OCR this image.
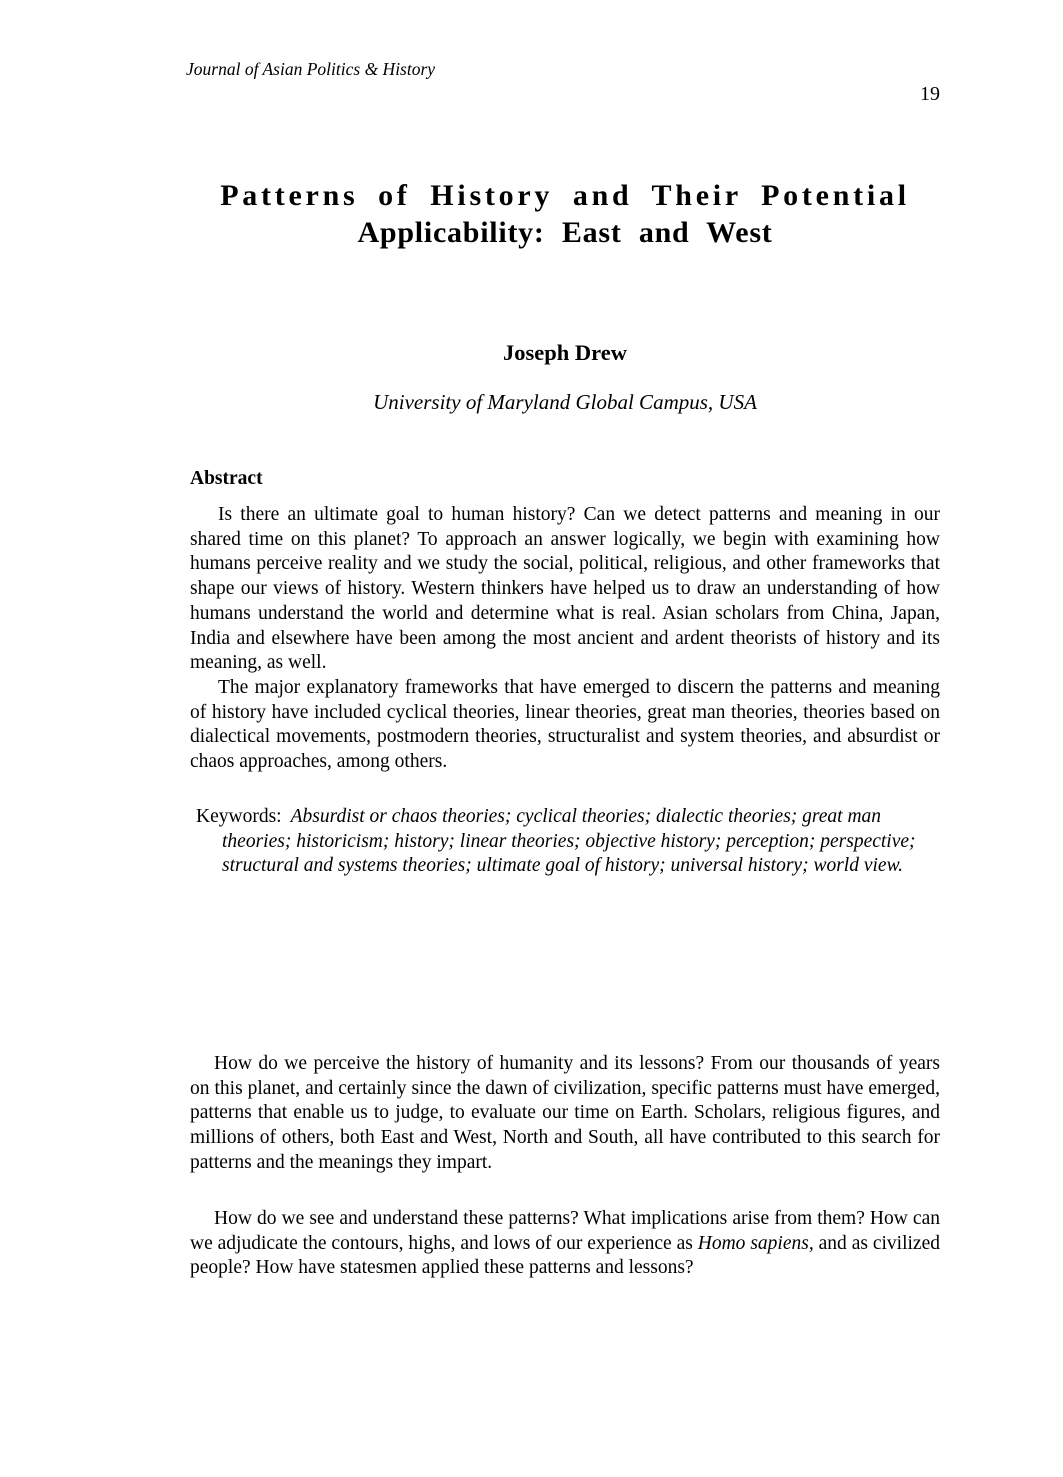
Journal of Asian Politics & History
19
Patterns of History and Their Potential
Applicability: East and West
Joseph Drew
University of Maryland Global Campus, USA
Abstract

Is there an ultimate goal to human history? Can we detect patterns and meaning in our shared time on this planet? To approach an answer logically, we begin with examining how humans perceive reality and we study the social, political, religious, and other frameworks that shape our views of history. Western thinkers have helped us to draw an understanding of how humans understand the world and determine what is real. Asian scholars from China, Japan, India and elsewhere have been among the most ancient and ardent theorists of history and its meaning, as well.

The major explanatory frameworks that have emerged to discern the patterns and meaning of history have included cyclical theories, linear theories, great man theories, theories based on dialectical movements, postmodern theories, structuralist and system theories, and absurdist or chaos approaches, among others.

Keywords: Absurdist or chaos theories; cyclical theories; dialectic theories; great man theories; historicism; history; linear theories; objective history; perception; perspective; structural and systems theories; ultimate goal of history; universal history; world view.

How do we perceive the history of humanity and its lessons? From our thousands of years on this planet, and certainly since the dawn of civilization, specific patterns must have emerged, patterns that enable us to judge, to evaluate our time on Earth. Scholars, religious figures, and millions of others, both East and West, North and South, all have contributed to this search for patterns and the meanings they impart.

How do we see and understand these patterns? What implications arise from them? How can we adjudicate the contours, highs, and lows of our experience as Homo sapiens, and as civilized people? How have statesmen applied these patterns and lessons?
